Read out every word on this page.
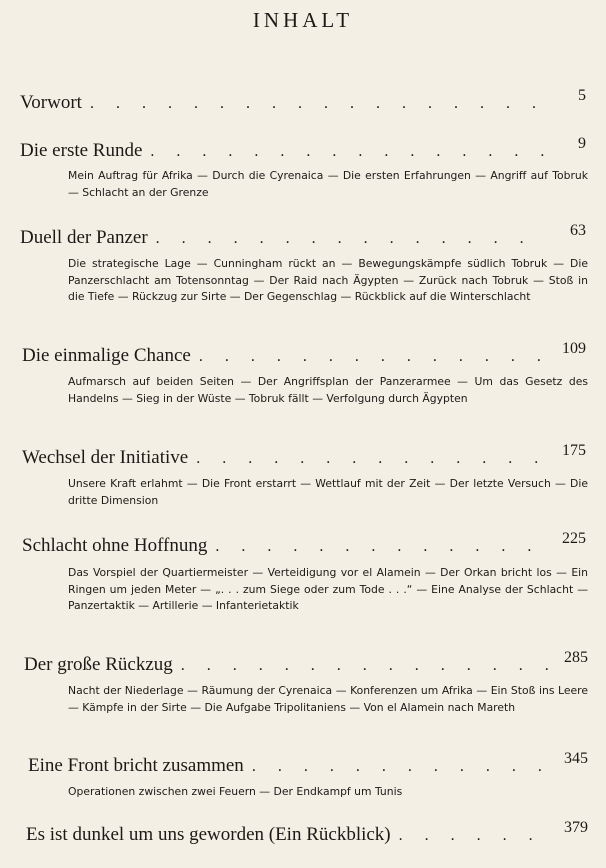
INHALT
Vorwort . . .	5
Die erste Runde . . .	9

Mein Auftrag für Afrika — Durch die Cyrenaica — Die ersten Erfahrungen — Angriff auf Tobruk — Schlacht an der Grenze

Duell der Panzer . . .	63

Die strategische Lage — Cunningham rückt an — Bewegungskämpfe südlich Tobruk — Die Panzerschlacht am Totensonntag — Der Raid nach Ägypten — Zurück nach Tobruk — Stoß in die Tiefe — Rückzug zur Sirte — Der Gegenschlag — Rückblick auf die Winterschlacht

Die einmalige Chance . . .	109

Aufmarsch auf beiden Seiten — Der Angriffsplan der Panzerarmee — Um das Gesetz des Handelns — Sieg in der Wüste — Tobruk fällt — Verfolgung durch Ägypten

Wechsel der Initiative . . .	175

Unsere Kraft erlahmt — Die Front erstarrt — Wettlauf mit der Zeit — Der letzte Versuch — Die dritte Dimension

Schlacht ohne Hoffnung . . .	225

Das Vorspiel der Quartiermeister — Verteidigung vor el Alamein — Der Orkan bricht los — Ein Ringen um jeden Meter — „. . . zum Siege oder zum Tode . . .“ — Eine Analyse der Schlacht — Panzertaktik — Artillerie — Infanterietaktik

Der große Rückzug . . .	285

Nacht der Niederlage — Räumung der Cyrenaica — Konferenzen um Afrika — Ein Stoß ins Leere — Kämpfe in der Sirte — Die Aufgabe Tripolitaniens — Von el Alamein nach Mareth

Eine Front bricht zusammen . . .	345

Operationen zwischen zwei Feuern — Der Endkampf um Tunis

Es ist dunkel um uns geworden (Ein Rückblick) . . .	379
